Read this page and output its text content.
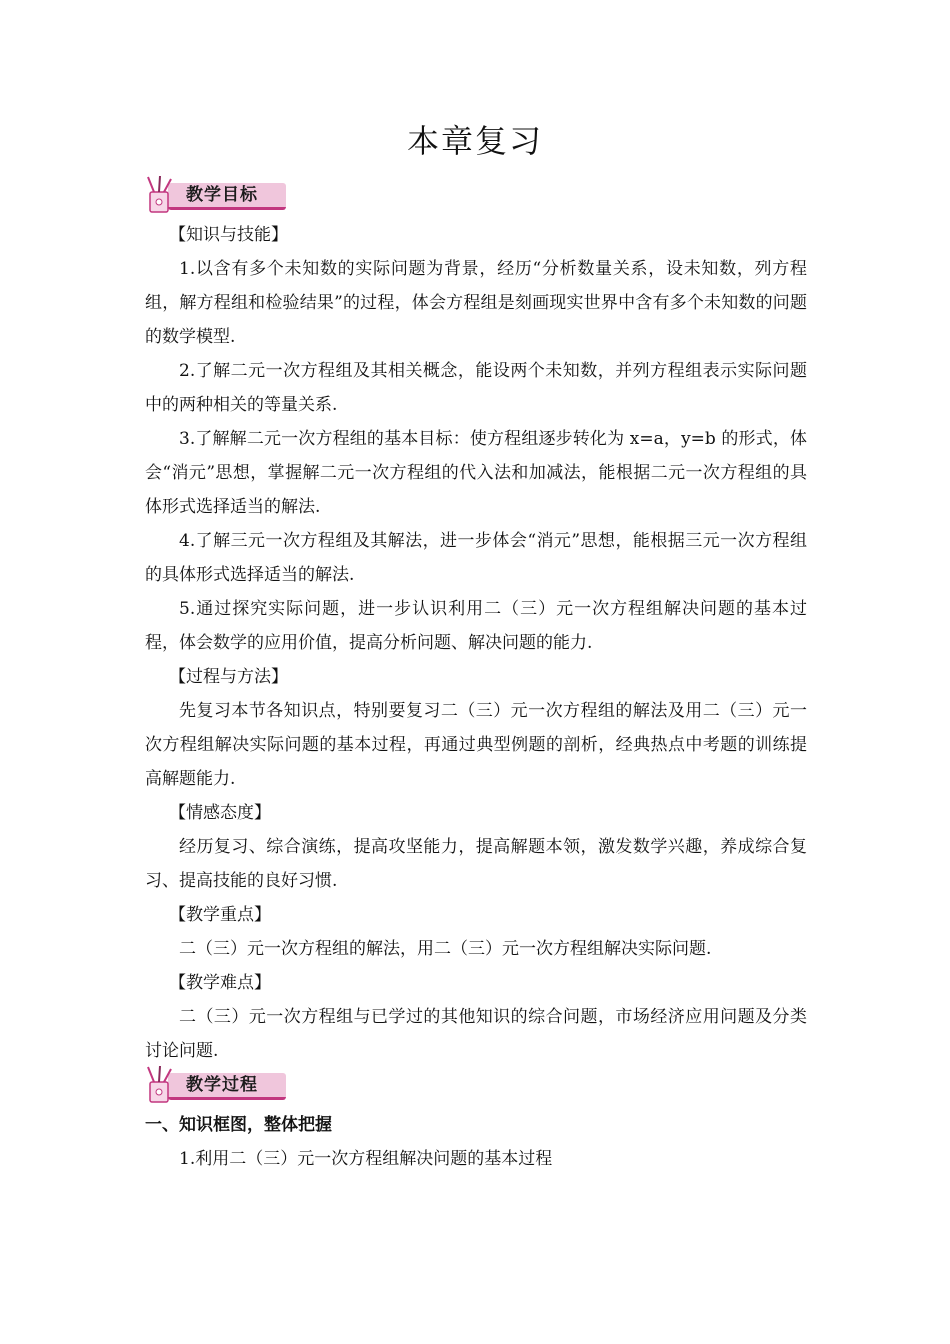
本章复习
教学目标

【知识与技能】

1.以含有多个未知数的实际问题为背景，经历“分析数量关系，设未知数，列方程组，解方程组和检验结果”的过程，体会方程组是刻画现实世界中含有多个未知数的问题的数学模型.

2.了解二元一次方程组及其相关概念，能设两个未知数，并列方程组表示实际问题中的两种相关的等量关系.

3.了解解二元一次方程组的基本目标：使方程组逐步转化为 x=a，y=b 的形式，体会“消元”思想，掌握解二元一次方程组的代入法和加减法，能根据二元一次方程组的具体形式选择适当的解法.

4.了解三元一次方程组及其解法，进一步体会“消元”思想，能根据三元一次方程组的具体形式选择适当的解法.

5.通过探究实际问题，进一步认识利用二（三）元一次方程组解决问题的基本过程，体会数学的应用价值，提高分析问题、解决问题的能力.

【过程与方法】

先复习本节各知识点，特别要复习二（三）元一次方程组的解法及用二（三）元一次方程组解决实际问题的基本过程，再通过典型例题的剖析，经典热点中考题的训练提高解题能力.

【情感态度】

经历复习、综合演练，提高攻坚能力，提高解题本领，激发数学兴趣，养成综合复习、提高技能的良好习惯.

【教学重点】

二（三）元一次方程组的解法，用二（三）元一次方程组解决实际问题.

【教学难点】

二（三）元一次方程组与已学过的其他知识的综合问题，市场经济应用问题及分类讨论问题.

教学过程

一、知识框图，整体把握

1.利用二（三）元一次方程组解决问题的基本过程
